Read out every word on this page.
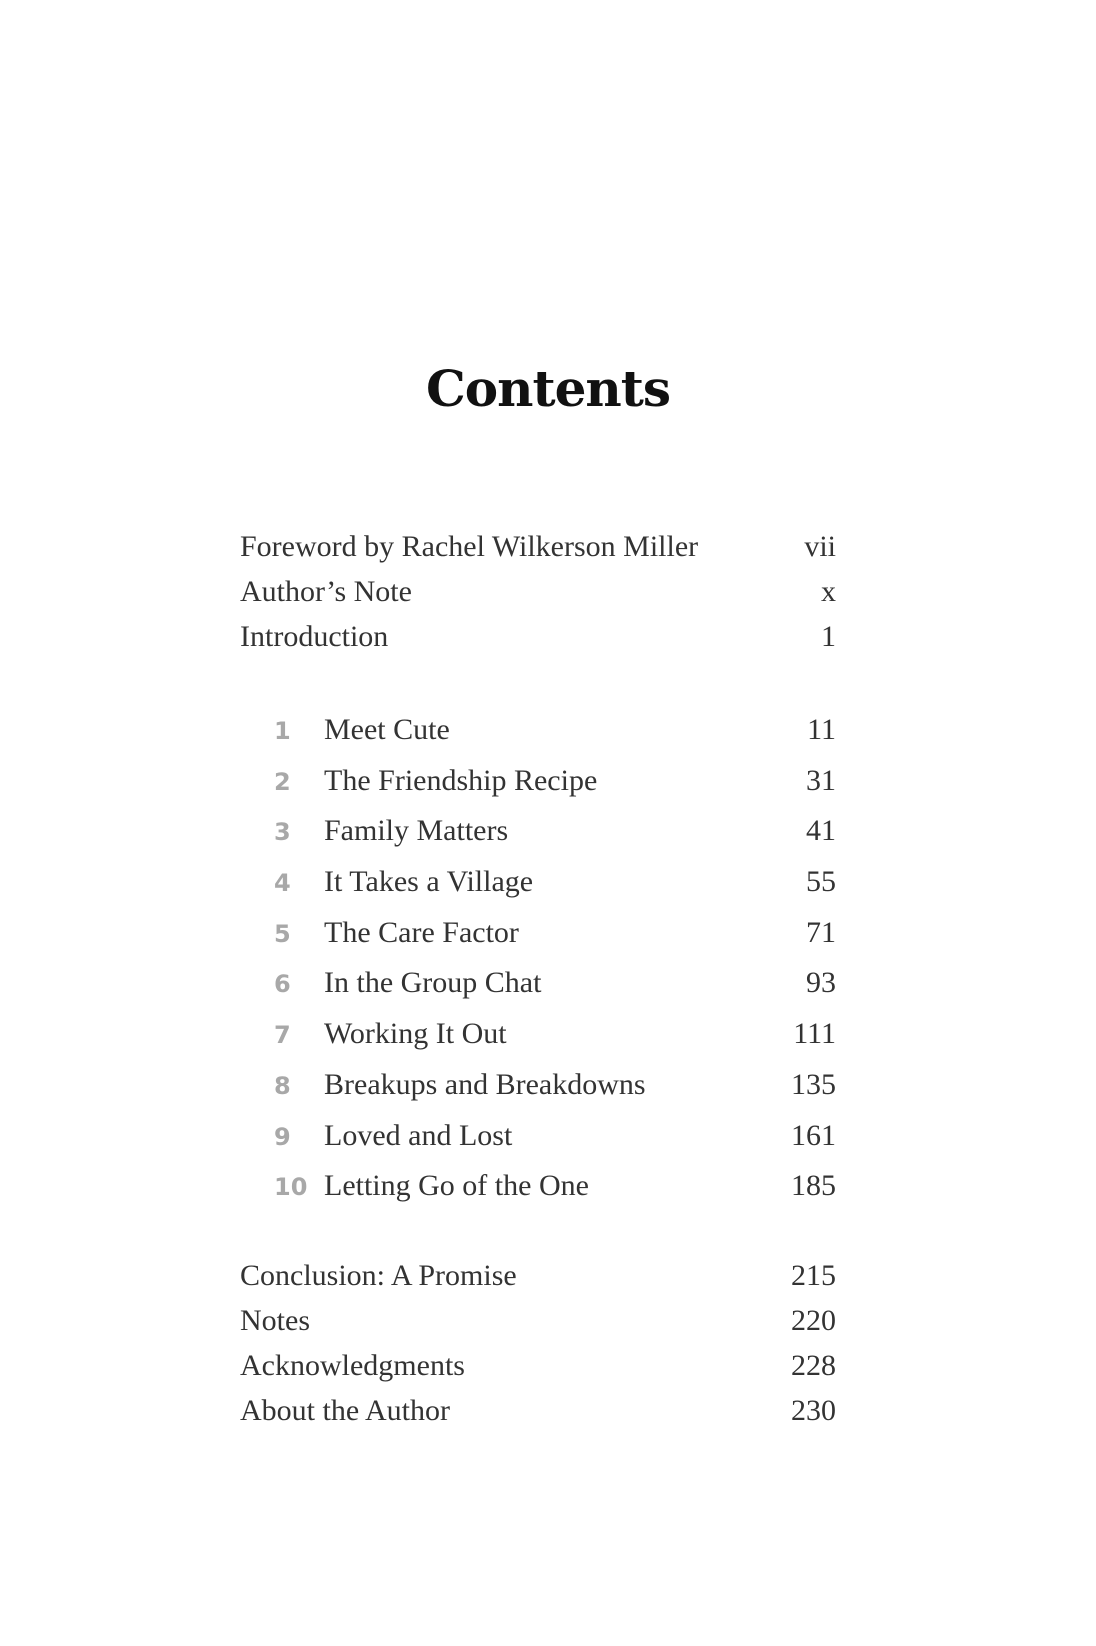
Contents
Foreword by Rachel Wilkerson Miller	vii
Author’s Note	x
Introduction	1
1	Meet Cute	11
2	The Friendship Recipe	31
3	Family Matters	41
4	It Takes a Village	55
5	The Care Factor	71
6	In the Group Chat	93
7	Working It Out	111
8	Breakups and Breakdowns	135
9	Loved and Lost	161
10 Letting Go of the One	185
Conclusion: A Promise	215
Notes	220
Acknowledgments	228
About the Author	230
